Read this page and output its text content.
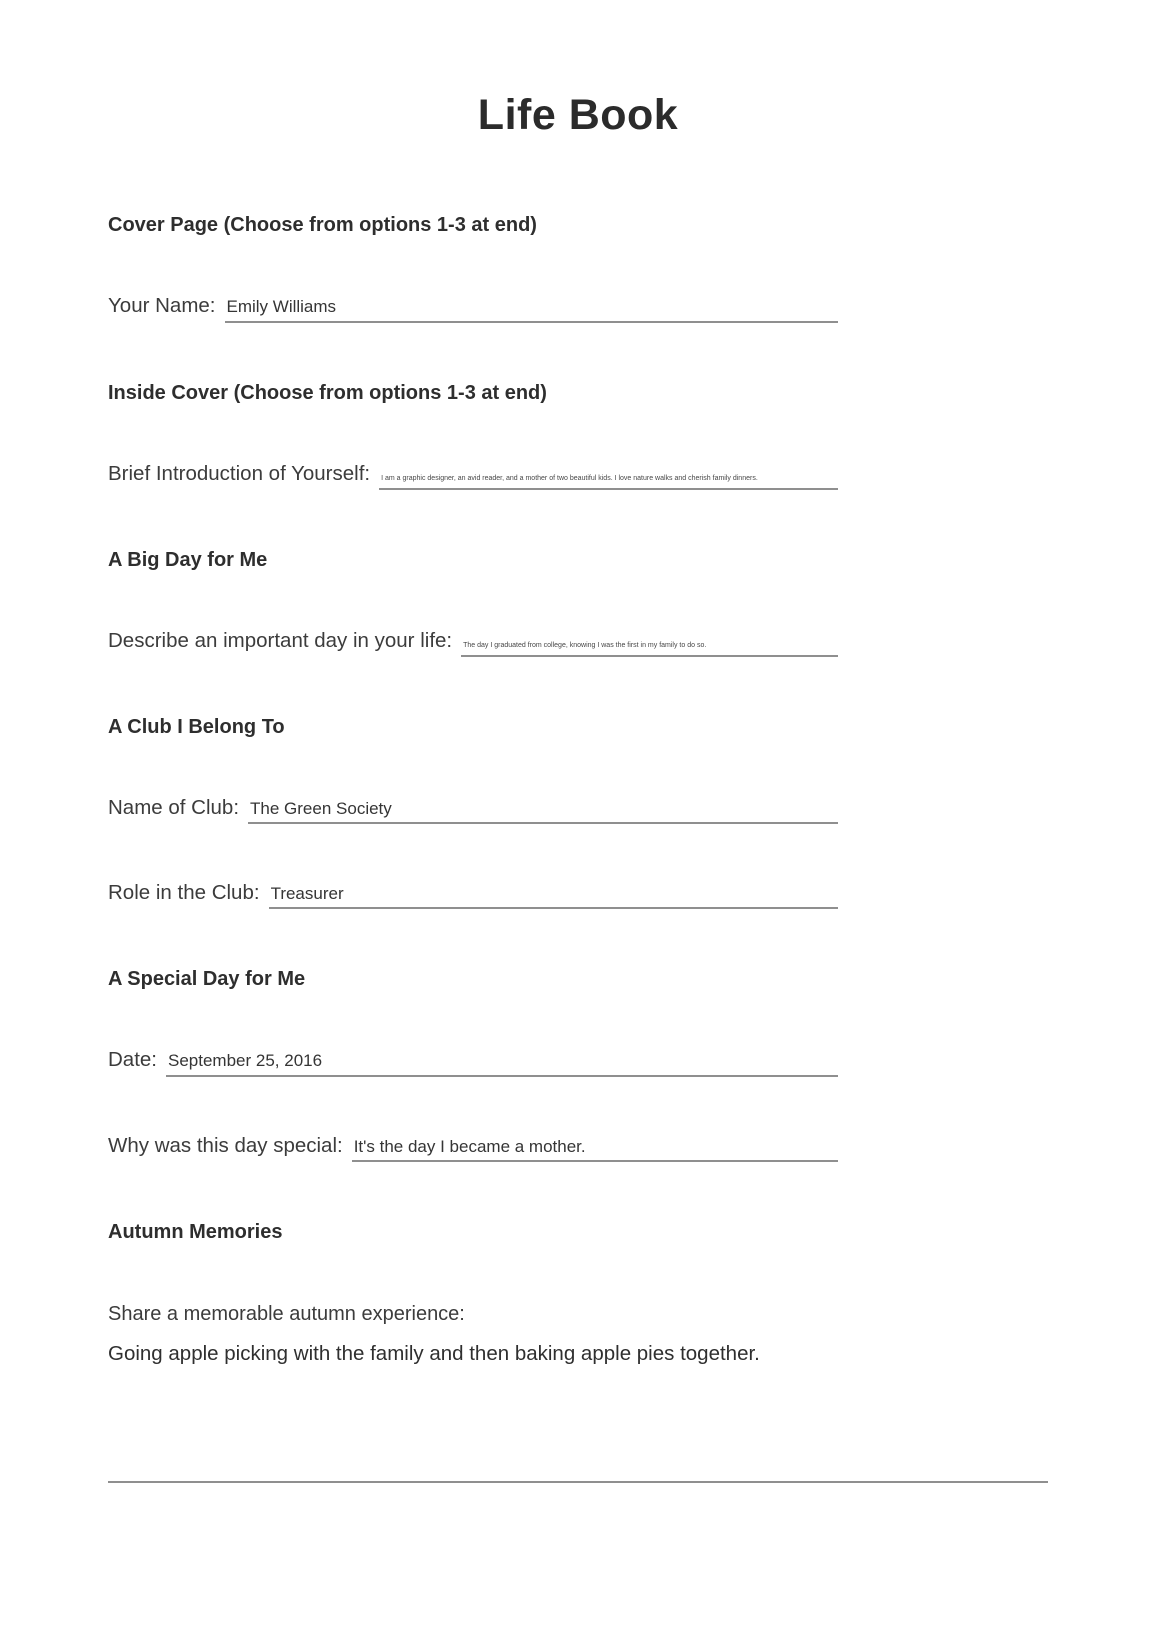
Life Book
Cover Page (Choose from options 1-3 at end)
Your Name: Emily Williams
Inside Cover (Choose from options 1-3 at end)
Brief Introduction of Yourself: I am a graphic designer, an avid reader, and a mother of two beautiful kids. I love nature walks and cherish family dinners.
A Big Day for Me
Describe an important day in your life: The day I graduated from college, knowing I was the first in my family to do so.
A Club I Belong To
Name of Club: The Green Society
Role in the Club: Treasurer
A Special Day for Me
Date: September 25, 2016
Why was this day special: It's the day I became a mother.
Autumn Memories

Share a memorable autumn experience:

Going apple picking with the family and then baking apple pies together.
